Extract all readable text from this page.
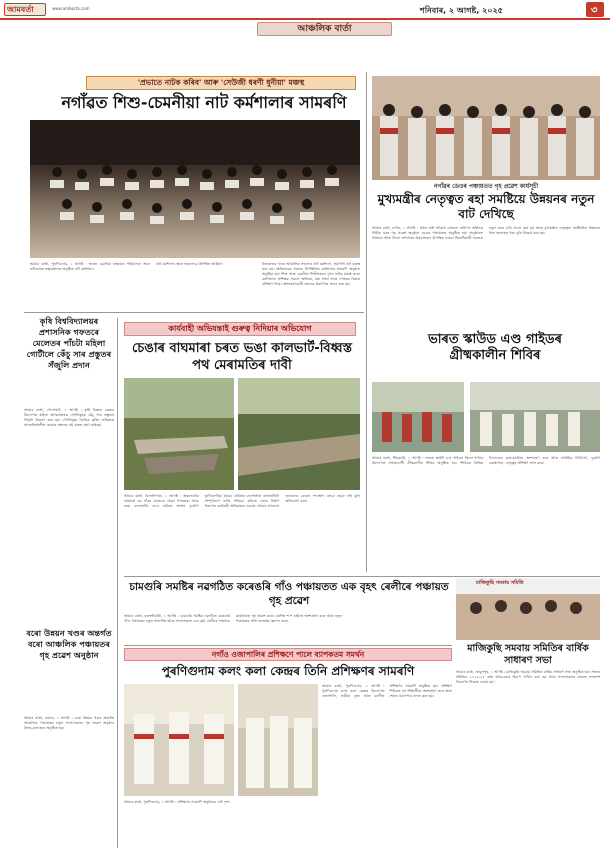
আমবৰ্তা	www.amborta.com	শনিবাৰ, ২ আগষ্ট, ২০২৫	৩
আঞ্চলিক বাৰ্তা
'প্ৰভাতে নাটক কৰিব' আৰু 'সেউজী ধৰণী ধুনীয়া' মঞ্চস্থ
নগাঁৱত শিশু-চেমনীয়া নাট কৰ্মশালাৰ সামৰণি

আমাৰ বাৰ্তা, পুৰণিগুদাম, ১ আগষ্ট : ভাৰত চেমনীয়া ৰঙ্গমঞ্চৰ পৰিচালনা আৰু নাট্যকাৰৰ তত্বাৱধানত অনুষ্ঠিত নাট কৰ্মশালা।

নাট কৰ্মশালা। আৰু সকলোৱে উপস্থিত আছিল।	নিজৰাতৰ খণ্ডৰ আঞ্চলিক সংবাদৰ নাট কৰ্মশালা, সমাপনী নাট মঞ্চস্থ কৰা হয়। অভিভাৱক সকলৰ উপস্থিতিত কৰ্মশালাৰ সামৰণি অনুষ্ঠান অনুষ্ঠিত হয়। শিশু আৰু চেমনীয়া শিল্পীসকলে দুখন নাটক মঞ্চস্থ কৰে। কৰ্মশালাত প্ৰশিক্ষক সকলে অভিনয়, মঞ্চ সজ্জা আৰু পোহৰৰ বিষয়ে প্ৰশিক্ষণ দিয়ে। অংশগ্ৰহণকাৰী সকলক প্ৰমাণপত্ৰ প্ৰদান কৰা হয়।

কৃষি বিশ্ববিদ্যালয়ৰ প্ৰশাসনিক গফতৰে মেলেতৰ পাঁচটা মহিলা গোটীলে কেঁচু সাৰ প্ৰস্তুতৰ সঁজুলি প্ৰদান

আমাৰ বাৰ্তা, গোলাঘাট, ১ আগষ্ট : কৃষি বিজ্ঞান কেন্দ্ৰৰ উদ্যোগত মহিলা আত্মসহায়ক গোটসমূহক কেঁচু সাৰ প্ৰস্তুতৰ সঁজুলি বিতৰণ কৰা হয়। গোটসমূহে জৈৱিক কৃষিৰ জৰিয়তে আত্মনিৰ্ভৰশীল হোৱাৰ লক্ষ্যৰে এই প্ৰকল্প গ্ৰহণ কৰিছে।

বৰো উন্নয়ন খণ্ডৰ অন্তৰ্গত বৰো আঞ্চলিক পঞ্চায়তৰ গৃহ প্ৰৱেশ অনুষ্ঠান

আমাৰ বাৰ্তা, কামাৰ, ১ আগষ্ট : বৰো উন্নয়ন খণ্ডৰ অন্তৰ্গত আঞ্চলিক পঞ্চায়তৰ নতুন সদস্যসকলৰ গৃহ প্ৰৱেশ অনুষ্ঠান উলহ-মালহেৰে অনুষ্ঠিত হয়।

কাৰ্যবাহী অভিযন্তাই গুৰুত্ব নিদিয়াৰ অভিযোগ
চেঙাৰ বাঘমাৰা চৰত ভঙা কালভাৰ্ট-বিধ্বস্ত পথ মেৰামতিৰ দাবী

আমাৰ বাৰ্তা, বিলাসীপাৰা, ১ আগষ্ট : অঞ্চলটোৰ বাঘমাৰা চৰ গাঁৱৰ মাজেৰে যোৱা পথছোৱা আৰু ভঙা কালভাৰ্টৰ বাবে ৰাইজে অশেষ দুৰ্ভোগ ভুগিবলগীয়া হৈছে। বাৰিষাৰ বানপানীত কালভাৰ্টটো সম্পূৰ্ণৰূপে ভাঙি পৰিছে। ৰাইজে লোক নিৰ্মাণ বিভাগৰ কাৰ্যবাহী অভিযন্তাৰ ওচৰত বহুবাৰ আবেদন জনালেও কোনো পদক্ষেপ লোৱা হোৱা নাই বুলি অভিযোগ কৰে।

নগাঁৱৰ ডেওৰ পঞ্চায়তত গৃহ প্ৰৱেশ কাৰ্যসূচী
মুখ্যমন্ত্ৰীৰ নেতৃত্বত ৰহা সমষ্টিয়ে উন্নয়নৰ নতুন বাট দেখিছে

আমাৰ বাৰ্তা, নগাঁও, ১ আগষ্ট : প্ৰধান মন্ত্ৰী আৱাস যোজনা গ্ৰামীণৰ অধীনত নিৰ্মিত ঘৰৰ গৃহ প্ৰৱেশ অনুষ্ঠান ডেওৰ পঞ্চায়তত অনুষ্ঠিত হয়। অনুষ্ঠানত বিধায়ক আৰু জিলা প্ৰশাসনৰ বিষয়াসকল উপস্থিত থাকে। হিতাধিকাৰী সকলক নতুন ঘৰৰ চাবি প্ৰদান কৰা হয় আৰু মুখ্যমন্ত্ৰীৰ নেতৃত্বত সমষ্টিটোত উন্নয়নৰ ধাৰা অব্যাহত থকা বুলি উল্লেখ কৰা হয়।

ভাৰত স্কাউড এণ্ড গাইডৰ গ্ৰীষ্মকালীন শিবিৰ

আমাৰ বাৰ্তা, টিহাকাৰী, ১ আগষ্ট : ভাৰত স্কাউট এণ্ড গাইডৰ জিলা শাখাৰ উদ্যোগত সপ্তাহব্যাপী গ্ৰীষ্মকালীন শিবিৰ অনুষ্ঠিত হয়। শিবিৰত বিভিন্ন বিদ্যালয়ৰ ছাত্ৰ-ছাত্ৰীয়ে অংশগ্ৰহণ কৰে আৰু প্ৰাথমিক চিকিৎসা, দুৰ্যোগ ব্যৱস্থাপনা, নেতৃত্বৰ প্ৰশিক্ষণ লাভ কৰে।

চামগুৰি সমষ্টিৰ নৱগঠিত কৰেঙৰি গাঁও পঞ্চায়তত এক বৃহৎ ৰেলীৰে পঞ্চায়ত গৃহ প্ৰৱেশ

আমাৰ বাৰ্তা, কলংগীয়াৰী, ১ আগষ্ট : চামগুৰি সমষ্টিৰ নৱগঠিত কৰেঙৰি গাঁও পঞ্চায়তৰ নতুন সভাপতি আৰু সদস্যসকলে এক বৃহৎ ৰেলীৰে পঞ্চায়ত কাৰ্যালয়ত গৃহ প্ৰৱেশ কৰে। ৰেলীত শ শ ৰাইজে অংশগ্ৰহণ কৰে আৰু নতুন পঞ্চায়তৰ প্ৰতি শুভেচ্ছা জ্ঞাপন কৰে।

মাজিকুছি সমবায় সমিতি
মাজিকুছি সমবায় সমিতিৰ বাৰ্ষিক সাধাৰণ সভা

আমাৰ বাৰ্তা, তামুলপুৰ, ১ আগষ্ট : মাজিকুছি সমবায় সমিতিৰ বাৰ্ষিক সাধাৰণ সভা অনুষ্ঠিত হয়। সভাত সমিতিৰ ২০২৪-২৫ বৰ্ষৰ আয়-ব্যয়ৰ হিচাপ দাখিল কৰা হয় আৰু সদস্যসকলৰ মাজত লাভাংশ বিতৰণৰ সিদ্ধান্ত লোৱা হয়।

নগাঁও ওজাপালিৰ প্ৰশিক্ষণে পালে ব্যাপকতম সমৰ্থন
পুৰণিগুদাম কলং কলা কেন্দ্ৰৰ তিনি প্ৰশিক্ষণৰ সামৰণি

আমাৰ বাৰ্তা, পুৰণিগুদাম, ১ আগষ্ট : পুৰণিগুদাম কলং কলা কেন্দ্ৰৰ উদ্যোগত ওজাপালি, সত্ৰীয়া নৃত্য আৰু বৰগীত প্ৰশিক্ষণৰ সামৰণি অনুষ্ঠিত হয়। প্ৰশিক্ষণ শিবিৰত বহু শিক্ষাৰ্থীয়ে অংশগ্ৰহণ কৰে আৰু শেষত প্ৰমাণপত্ৰ প্ৰদান কৰা হয়।

আমাৰ বাৰ্তা, পুৰণিগুদাম, ১ আগষ্ট : প্ৰশিক্ষণৰ সামৰণি অনুষ্ঠানৰ এটা দৃশ্য।
